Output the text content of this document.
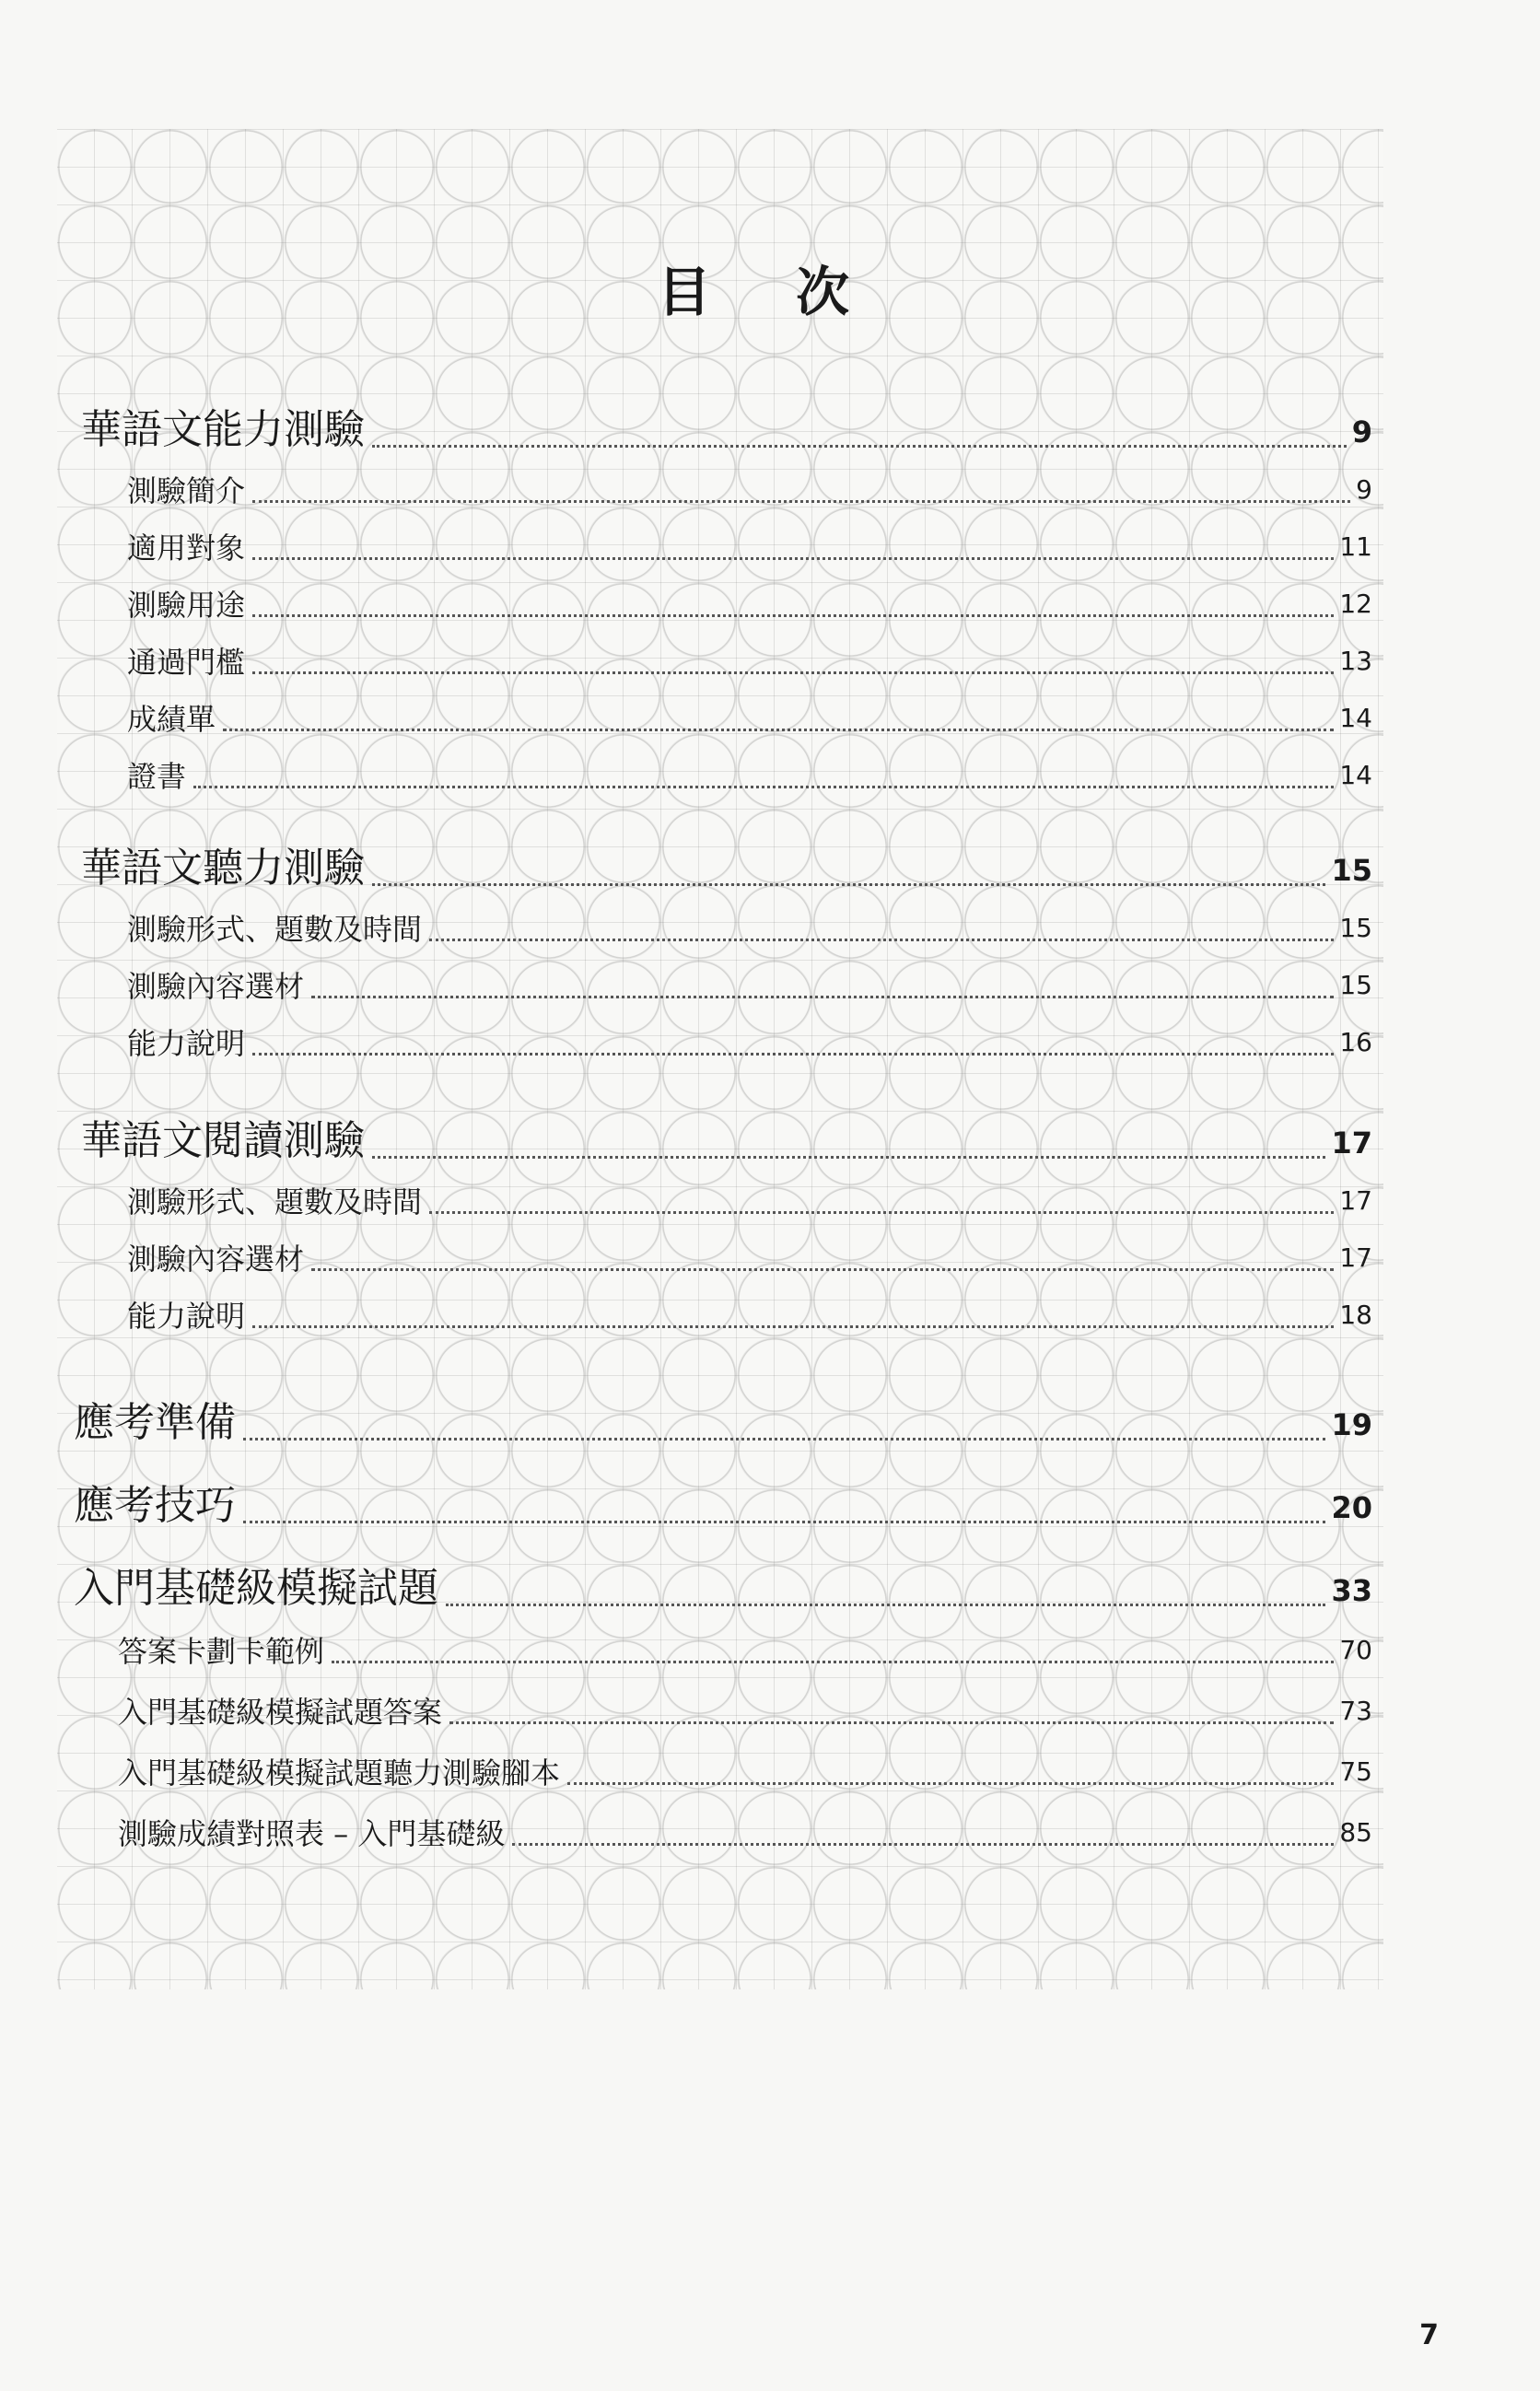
目 次
華語文能力測驗	9
測驗簡介	9
適用對象	11
測驗用途	12
通過門檻	13
成績單	14
證書	14
華語文聽力測驗	15
測驗形式、題數及時間	15
測驗內容選材	15
能力說明	16
華語文閱讀測驗	17
測驗形式、題數及時間	17
測驗內容選材	17
能力說明	18
應考準備	19
應考技巧	20
入門基礎級模擬試題	33
答案卡劃卡範例	70
入門基礎級模擬試題答案	73
入門基礎級模擬試題聽力測驗腳本	75
測驗成績對照表 – 入門基礎級	85
7
